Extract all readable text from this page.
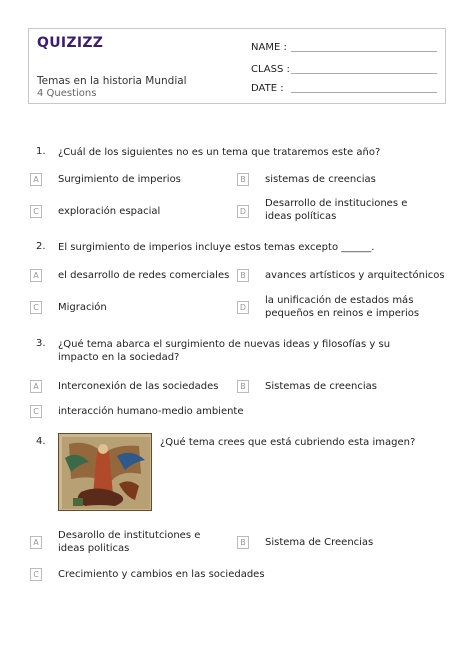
QUIZIZZ
Temas en la historia Mundial
4 Questions
NAME :
CLASS :
DATE :
1. ¿Cuál de los siguientes no es un tema que trataremos este año?
A	Surgimiento de imperios	B	sistemas de creencias
C	exploración espacial	D
Desarrollo de instituciones e ideas políticas
2. El surgimiento de imperios incluye estos temas excepto ______.
A	el desarrollo de redes comerciales	B	avances artísticos y arquitectónicos
C	Migración	D
la unificación de estados más pequeños en reinos e imperios
3. ¿Qué tema abarca el surgimiento de nuevas ideas y filosofías y su impacto en la sociedad?
A	Interconexión de las sociedades	B	Sistemas de creencias
C	interacción humano-medio ambiente
4.	¿Qué tema crees que está cubriendo esta imagen?
A
Desarollo de institutciones e ideas politicas
B	Sistema de Creencias
C	Crecimiento y cambios en las sociedades
